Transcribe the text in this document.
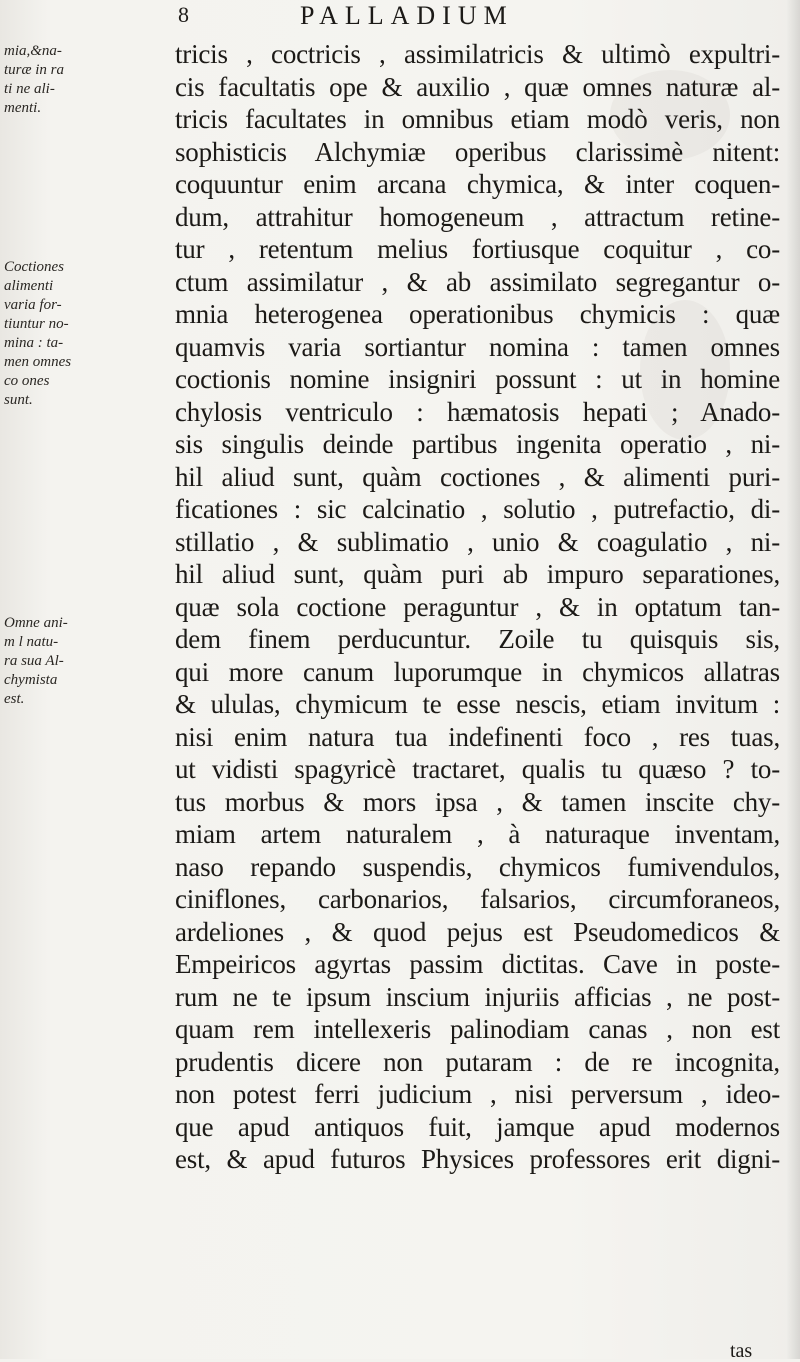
8	PALLADIUM
mia,&na-
turæ in ra
ti ne ali-
menti.
Coctiones
alimenti
varia for-
tiuntur no-
mina : ta-
men omnes
co ones
sunt.
Omne ani-
m l natu-
ra sua Al-
chymista
est.
tricis , coctricis , assimilatricis & ultimò expultri-
cis facultatis ope & auxilio , quæ omnes naturæ al-
tricis facultates in omnibus etiam modò veris, non
sophisticis Alchymiæ operibus clarissimè nitent:
coquuntur enim arcana chymica, & inter coquen-
dum, attrahitur homogeneum , attractum retine-
tur , retentum melius fortiusque coquitur , co-
ctum assimilatur , & ab assimilato segregantur o-
mnia heterogenea operationibus chymicis : quæ
quamvis varia sortiantur nomina : tamen omnes
coctionis nomine insigniri possunt : ut in homine
chylosis ventriculo : hæmatosis hepati ; Anado-
sis singulis deinde partibus ingenita operatio , ni-
hil aliud sunt, quàm coctiones , & alimenti puri-
ficationes : sic calcinatio , solutio , putrefactio, di-
stillatio , & sublimatio , unio & coagulatio , ni-
hil aliud sunt, quàm puri ab impuro separationes,
quæ sola coctione peraguntur , & in optatum tan-
dem finem perducuntur. Zoile tu quisquis sis,
qui more canum luporumque in chymicos allatras
& ululas, chymicum te esse nescis, etiam invitum :
nisi enim natura tua indefinenti foco , res tuas,
ut vidisti spagyricè tractaret, qualis tu quæso ? to-
tus morbus & mors ipsa , & tamen inscite chy-
miam artem naturalem , à naturaque inventam,
naso repando suspendis, chymicos fumivendulos,
ciniflones, carbonarios, falsarios, circumforaneos,
ardeliones , & quod pejus est Pseudomedicos &
Empeiricos agyrtas passim dictitas. Cave in poste-
rum ne te ipsum inscium injuriis afficias , ne post-
quam rem intellexeris palinodiam canas , non est
prudentis dicere non putaram : de re incognita,
non potest ferri judicium , nisi perversum , ideo-
que apud antiquos fuit, jamque apud modernos
est, & apud futuros Physices professores erit digni-
tas
